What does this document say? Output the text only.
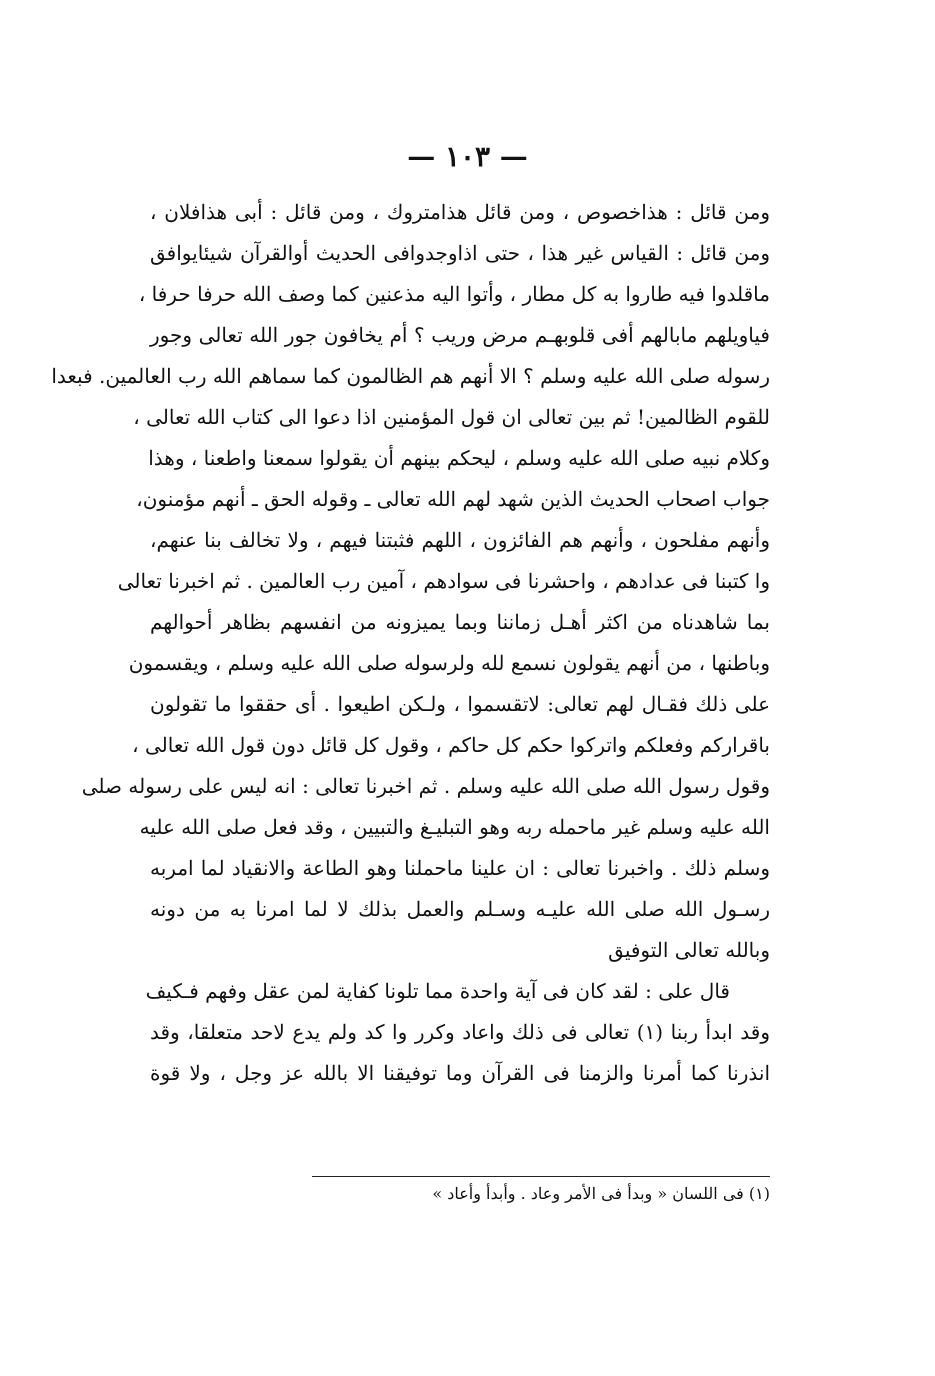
— ١٠٣ —
ومن قائل : هذاخصوص ، ومن قائل هذامتروك ، ومن قائل : أبى هذافلان ،
ومن قائل : القياس غير هذا ، حتى اذاوجدوافى الحديث أوالقرآن شيئايوافق
ماقلدوا فيه طاروا به كل مطار ، وأتوا اليه مذعنين كما وصف الله حرفا حرفا ،
فياويلهم مابالهم أفى قلوبهـم مرض وريب ؟ أم يخافون جور الله تعالى وجور
رسوله صلى الله عليه وسلم ؟ الا أنهم هم الظالمون كما سماهم الله رب العالمين. فبعدا
للقوم الظالمين! ثم بين تعالى ان قول المؤمنين اذا دعوا الى كتاب الله تعالى ،
وكلام نبيه صلى الله عليه وسلم ، ليحكم بينهم أن يقولوا سمعنا واطعنا ، وهذا
جواب اصحاب الحديث الذين شهد لهم الله تعالى ـ وقوله الحق ـ أنهم مؤمنون،
وأنهم مفلحون ، وأنهم هم الفائزون ، اللهم فثبتنا فيهم ، ولا تخالف بنا عنهم،
وا كتبنا فى عدادهم ، واحشرنا فى سوادهم ، آمين رب العالمين . ثم اخبرنا تعالى
بما شاهدناه من اكثر أهـل زماننا وبما يميزونه من انفسهم بظاهر أحوالهم
وباطنها ، من أنهم يقولون نسمع لله ولرسوله صلى الله عليه وسلم ، ويقسمون
على ذلك فقـال لهم تعالى: لاتقسموا ، ولـكن اطيعوا . أى حققوا ما تقولون
باقراركم وفعلكم واتركوا حكم كل حاكم ، وقول كل قائل دون قول الله تعالى ،
وقول رسول الله صلى الله عليه وسلم . ثم اخبرنا تعالى : انه ليس على رسوله صلى
الله عليه وسلم غير ماحمله ربه وهو التبليـغ والتبيين ، وقد فعل صلى الله عليه
وسلم ذلك . واخبرنا تعالى : ان علينا ماحملنا وهو الطاعة والانقياد لما امربه
رسـول الله صلى الله عليـه وسـلم والعمل بذلك لا لما امرنا به من دونه
وبالله تعالى التوفيق
قال على : لقد كان فى آية واحدة مما تلونا كفاية لمن عقل وفهم فـكيف
وقد ابدأ ربنا (١) تعالى فى ذلك واعاد وكرر وا كد ولم يدع لاحد متعلقا، وقد
انذرنا كما أمرنا والزمنا فى القرآن وما توفيقنا الا بالله عز وجل ، ولا قوة
(١) فى اللسان « وبدأ فى الأمر وعاد . وأبدأ وأعاد »
